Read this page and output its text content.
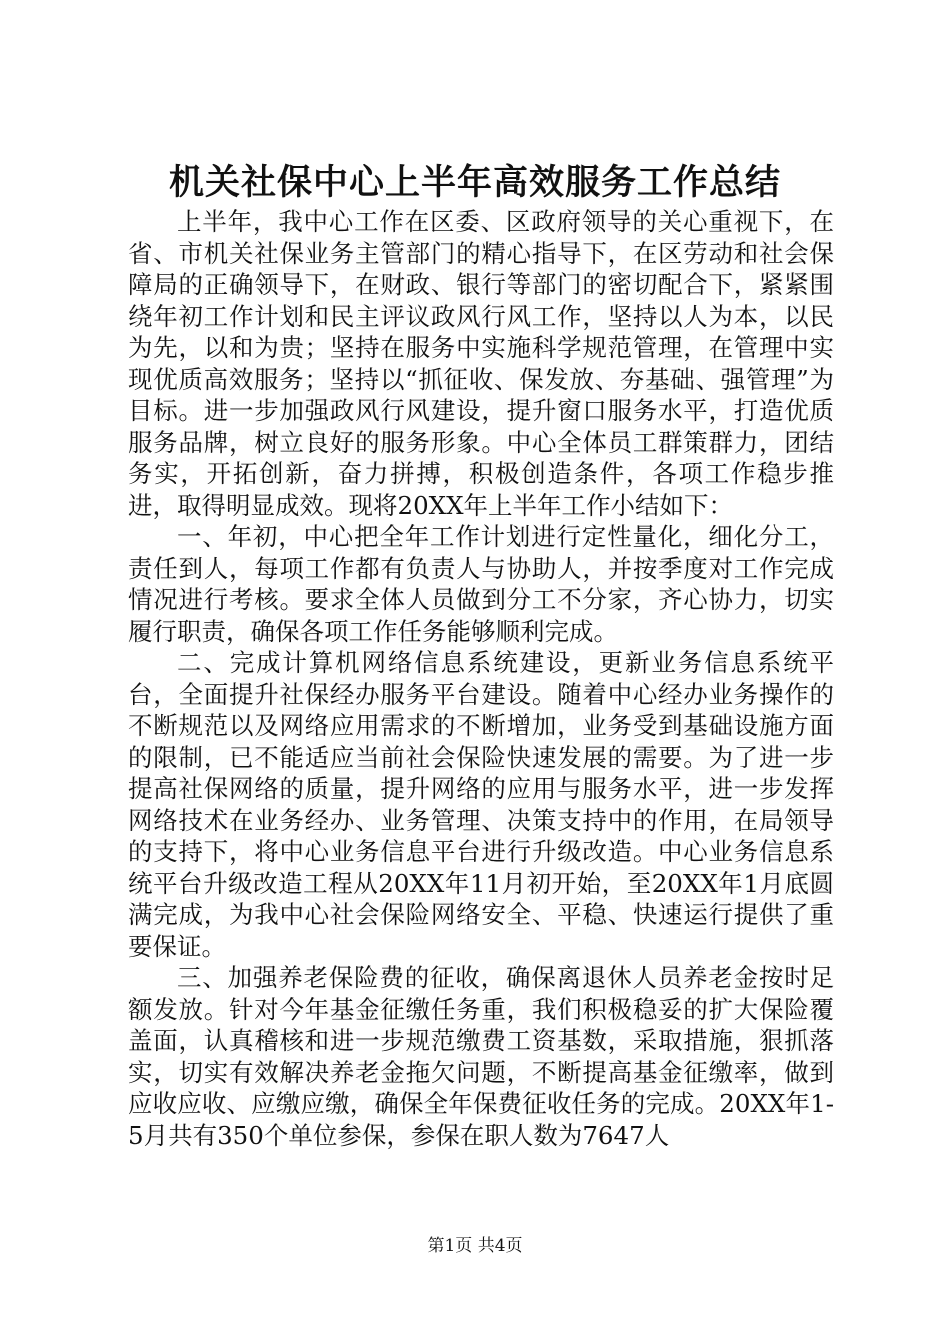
机关社保中心上半年高效服务工作总结

上半年，我中心工作在区委、区政府领导的关心重视下，在省、市机关社保业务主管部门的精心指导下，在区劳动和社会保障局的正确领导下，在财政、银行等部门的密切配合下，紧紧围绕年初工作计划和民主评议政风行风工作，坚持以人为本，以民为先，以和为贵；坚持在服务中实施科学规范管理，在管理中实现优质高效服务；坚持以“抓征收、保发放、夯基础、强管理”为目标。进一步加强政风行风建设，提升窗口服务水平，打造优质服务品牌，树立良好的服务形象。中心全体员工群策群力，团结务实，开拓创新，奋力拼搏，积极创造条件，各项工作稳步推进，取得明显成效。现将20XX年上半年工作小结如下：

一、年初，中心把全年工作计划进行定性量化，细化分工，责任到人，每项工作都有负责人与协助人，并按季度对工作完成情况进行考核。要求全体人员做到分工不分家，齐心协力，切实履行职责，确保各项工作任务能够顺利完成。

二、完成计算机网络信息系统建设，更新业务信息系统平台，全面提升社保经办服务平台建设。随着中心经办业务操作的不断规范以及网络应用需求的不断增加，业务受到基础设施方面的限制，已不能适应当前社会保险快速发展的需要。为了进一步提高社保网络的质量，提升网络的应用与服务水平，进一步发挥网络技术在业务经办、业务管理、决策支持中的作用，在局领导的支持下，将中心业务信息平台进行升级改造。中心业务信息系统平台升级改造工程从20XX年11月初开始，至20XX年1月底圆满完成，为我中心社会保险网络安全、平稳、快速运行提供了重要保证。

三、加强养老保险费的征收，确保离退休人员养老金按时足额发放。针对今年基金征缴任务重，我们积极稳妥的扩大保险覆盖面，认真稽核和进一步规范缴费工资基数，采取措施，狠抓落实，切实有效解决养老金拖欠问题，不断提高基金征缴率，做到应收应收、应缴应缴，确保全年保费征收任务的完成。20XX年1-5月共有350个单位参保，参保在职人数为7647人

第1页 共4页
